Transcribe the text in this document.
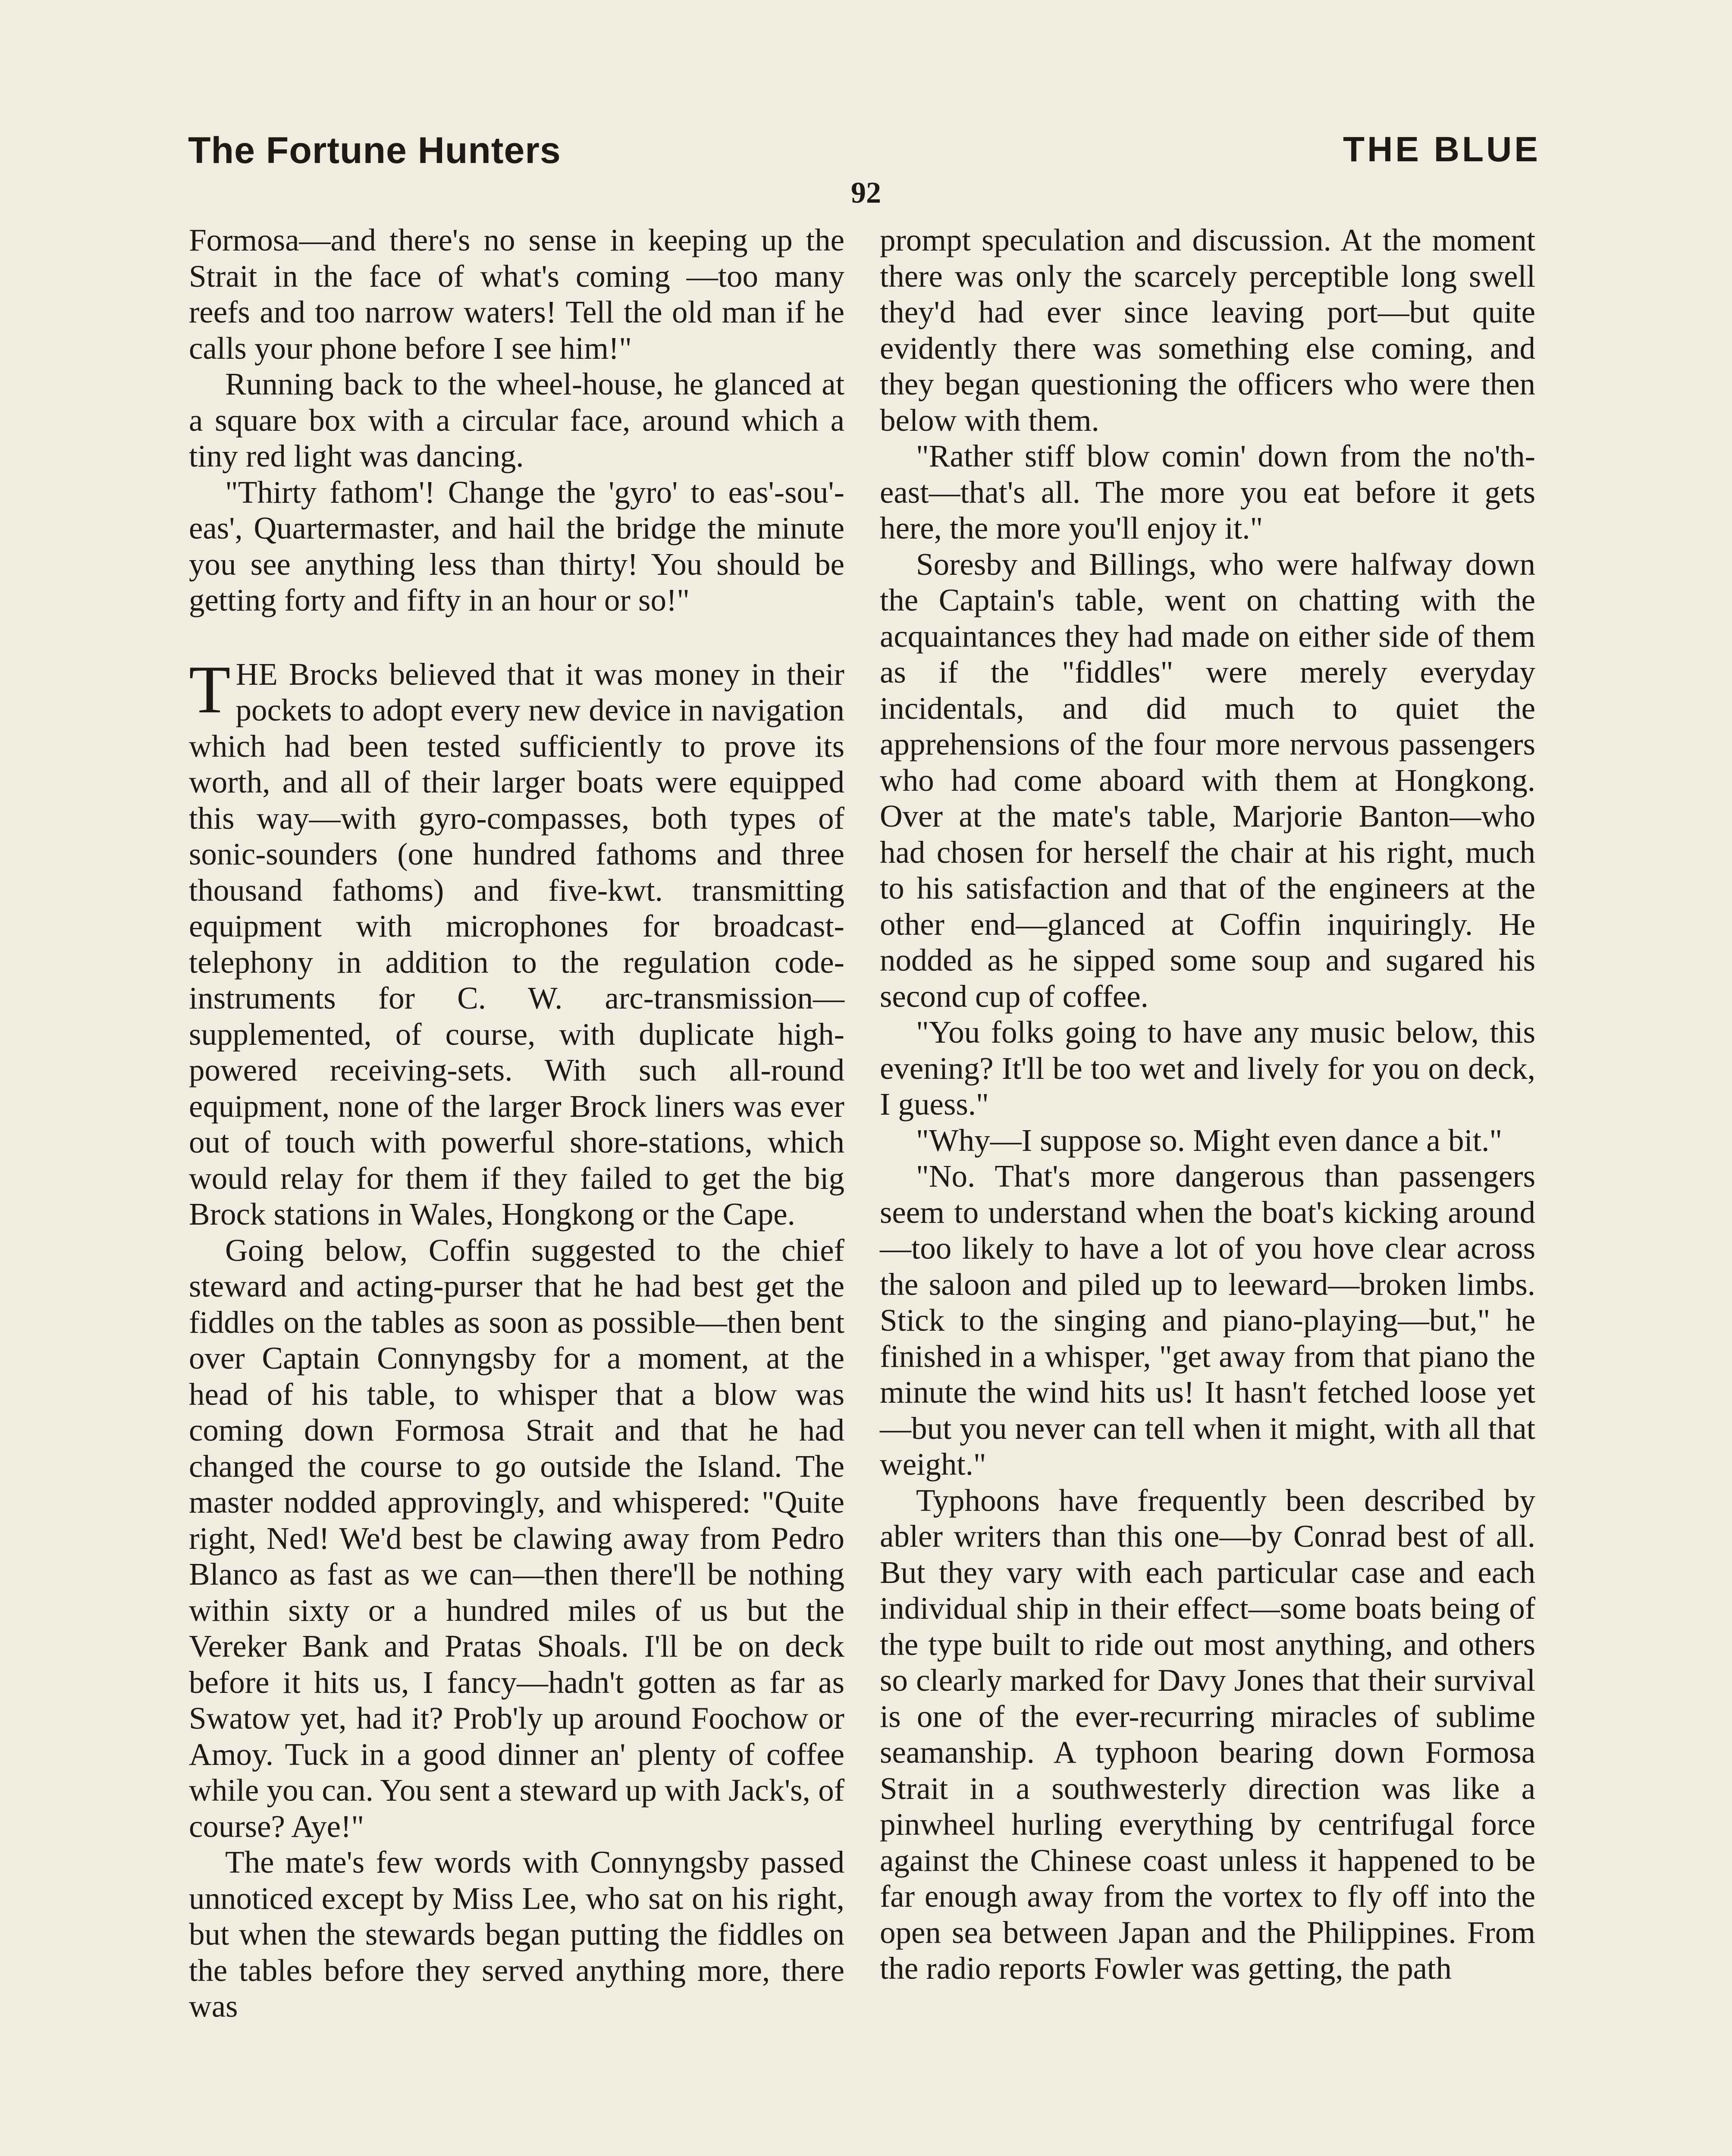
The Fortune Hunters	THE BLUE
92

Formosa—and there's no sense in keeping up the Strait in the face of what's coming —too many reefs and too narrow waters! Tell the old man if he calls your phone before I see him!"

Running back to the wheel-house, he glanced at a square box with a circular face, around which a tiny red light was dancing.

"Thirty fathom'! Change the 'gyro' to eas'-sou'-eas', Quartermaster, and hail the bridge the minute you see anything less than thirty! You should be getting forty and fifty in an hour or so!"

THE Brocks believed that it was money in their pockets to adopt every new device in navigation which had been tested sufficiently to prove its worth, and all of their larger boats were equipped this way—with gyro-compasses, both types of sonic-sounders (one hundred fathoms and three thousand fathoms) and five-kwt. transmitting equipment with microphones for broadcast-telephony in addition to the regulation code-instruments for C. W. arc-transmission—supplemented, of course, with duplicate high-powered receiving-sets. With such all-round equipment, none of the larger Brock liners was ever out of touch with powerful shore-stations, which would relay for them if they failed to get the big Brock stations in Wales, Hongkong or the Cape.

Going below, Coffin suggested to the chief steward and acting-purser that he had best get the fiddles on the tables as soon as possible—then bent over Captain Connyngsby for a moment, at the head of his table, to whisper that a blow was coming down Formosa Strait and that he had changed the course to go outside the Island. The master nodded approvingly, and whispered: "Quite right, Ned! We'd best be clawing away from Pedro Blanco as fast as we can—then there'll be nothing within sixty or a hundred miles of us but the Vereker Bank and Pratas Shoals. I'll be on deck before it hits us, I fancy—hadn't gotten as far as Swatow yet, had it? Prob'ly up around Foochow or Amoy. Tuck in a good dinner an' plenty of coffee while you can. You sent a steward up with Jack's, of course? Aye!"

The mate's few words with Connyngsby passed unnoticed except by Miss Lee, who sat on his right, but when the stewards began putting the fiddles on the tables before they served anything more, there was

prompt speculation and discussion. At the moment there was only the scarcely perceptible long swell they'd had ever since leaving port—but quite evidently there was something else coming, and they began questioning the officers who were then below with them.

"Rather stiff blow comin' down from the no'th-east—that's all. The more you eat before it gets here, the more you'll enjoy it."

Soresby and Billings, who were halfway down the Captain's table, went on chatting with the acquaintances they had made on either side of them as if the "fiddles" were merely everyday incidentals, and did much to quiet the apprehensions of the four more nervous passengers who had come aboard with them at Hongkong. Over at the mate's table, Marjorie Banton—who had chosen for herself the chair at his right, much to his satisfaction and that of the engineers at the other end—glanced at Coffin inquiringly. He nodded as he sipped some soup and sugared his second cup of coffee.

"You folks going to have any music below, this evening? It'll be too wet and lively for you on deck, I guess."

"Why—I suppose so. Might even dance a bit."

"No. That's more dangerous than passengers seem to understand when the boat's kicking around—too likely to have a lot of you hove clear across the saloon and piled up to leeward—broken limbs. Stick to the singing and piano-playing—but," he finished in a whisper, "get away from that piano the minute the wind hits us! It hasn't fetched loose yet—but you never can tell when it might, with all that weight."

Typhoons have frequently been described by abler writers than this one—by Conrad best of all. But they vary with each particular case and each individual ship in their effect—some boats being of the type built to ride out most anything, and others so clearly marked for Davy Jones that their survival is one of the ever-recurring miracles of sublime seamanship. A typhoon bearing down Formosa Strait in a southwesterly direction was like a pinwheel hurling everything by centrifugal force against the Chinese coast unless it happened to be far enough away from the vortex to fly off into the open sea between Japan and the Philippines. From the radio reports Fowler was getting, the path
